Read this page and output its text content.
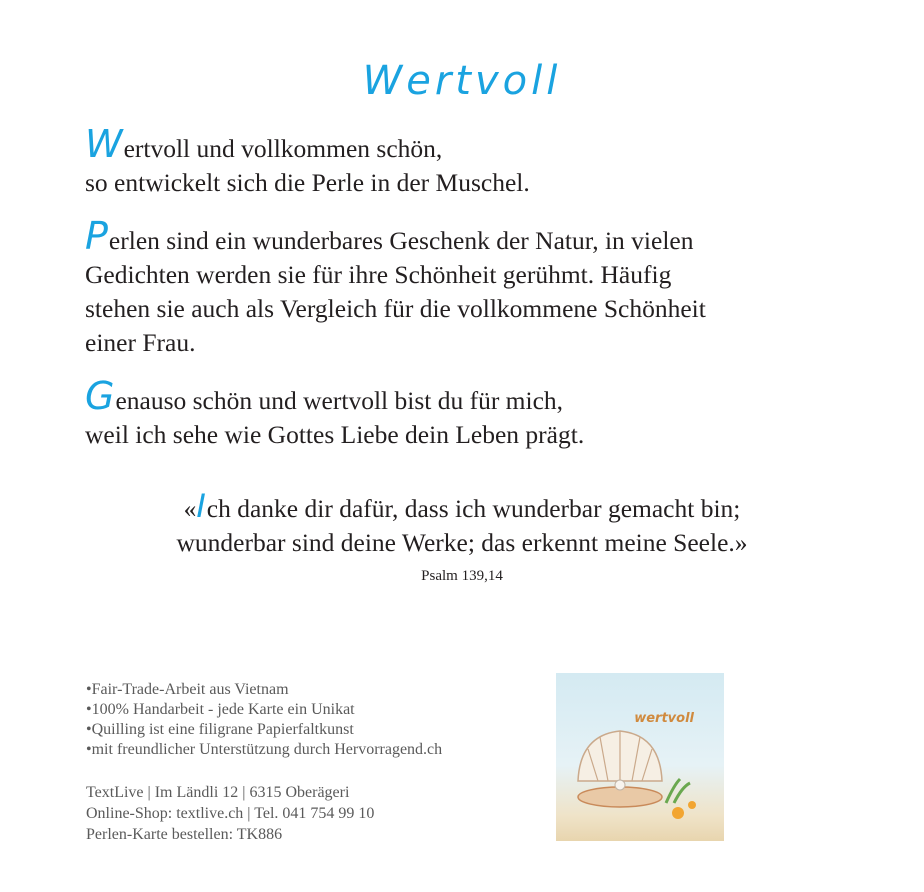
Wertvoll
Wertvoll und vollkommen schön,
so entwickelt sich die Perle in der Muschel.
Perlen sind ein wunderbares Geschenk der Natur, in vielen
Gedichten werden sie für ihre Schönheit gerühmt. Häufig
stehen sie auch als Vergleich für die vollkommene Schönheit
einer Frau.
Genauso schön und wertvoll bist du für mich,
weil ich sehe wie Gottes Liebe dein Leben prägt.
«Ich danke dir dafür, dass ich wunderbar gemacht bin;
wunderbar sind deine Werke; das erkennt meine Seele.»
Psalm 139,14
• Fair-Trade-Arbeit aus Vietnam
• 100% Handarbeit - jede Karte ein Unikat
• Quilling ist eine filigrane Papierfaltkunst
• mit freundlicher Unterstützung durch Hervorragend.ch
TextLive | Im Ländli 12 | 6315 Oberägeri
Online-Shop: textlive.ch | Tel. 041 754 99 10
Perlen-Karte bestellen: TK886
wertvoll
